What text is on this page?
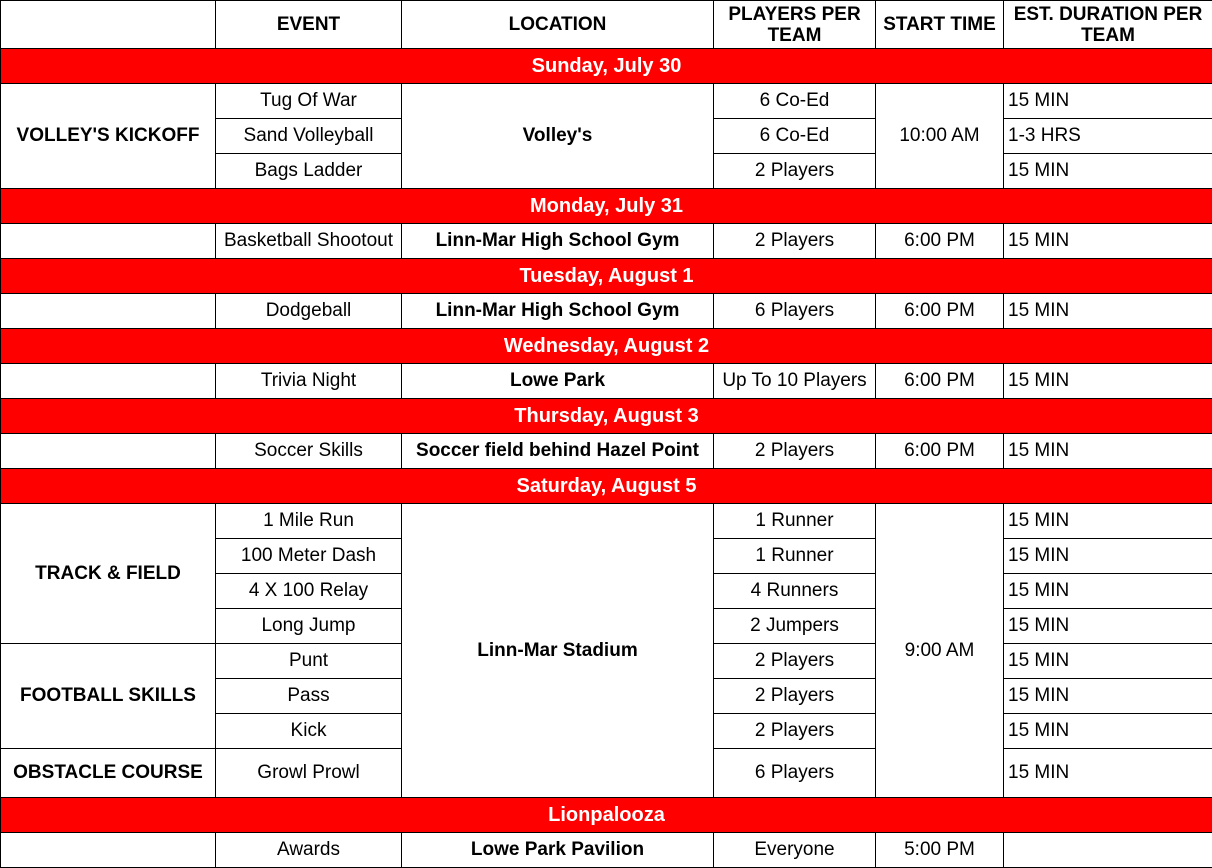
	EVENT	LOCATION	PLAYERS PER TEAM	START TIME	EST. DURATION PER TEAM
Sunday, July 30					
VOLLEY'S KICKOFF	Tug Of War	Volley's	6 Co-Ed	10:00 AM	15 MIN
	Sand Volleyball		6 Co-Ed		1-3 HRS
	Bags Ladder		2 Players		15 MIN
Monday, July 31					
	Basketball Shootout	Linn-Mar High School Gym	2 Players	6:00 PM	15 MIN
Tuesday, August 1					
	Dodgeball	Linn-Mar High School Gym	6 Players	6:00 PM	15 MIN
Wednesday, August 2					
	Trivia Night	Lowe Park	Up To 10 Players	6:00 PM	15 MIN
Thursday, August 3					
	Soccer Skills	Soccer field behind Hazel Point	2 Players	6:00 PM	15 MIN
Saturday, August 5					
TRACK & FIELD	1 Mile Run	Linn-Mar Stadium	1 Runner	9:00 AM	15 MIN
	100 Meter Dash		1 Runner		15 MIN
	4 X 100 Relay		4 Runners		15 MIN
	Long Jump		2 Jumpers		15 MIN
FOOTBALL SKILLS	Punt		2 Players		15 MIN
	Pass		2 Players		15 MIN
	Kick		2 Players		15 MIN
OBSTACLE COURSE	Growl Prowl		6 Players		15 MIN
Lionpalooza					
	Awards	Lowe Park Pavilion	Everyone	5:00 PM	
